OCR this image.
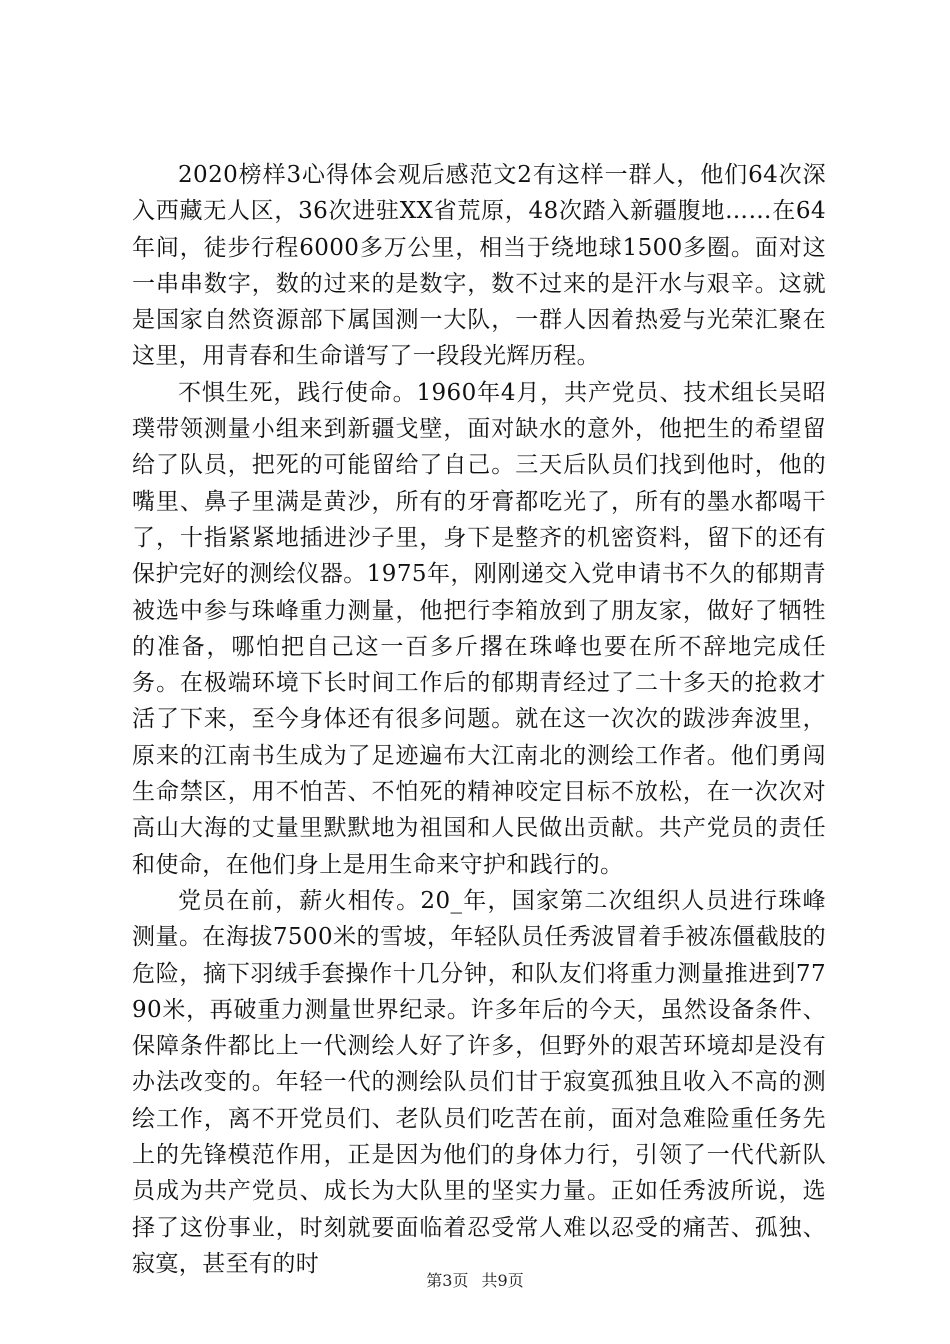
2020榜样3心得体会观后感范文2有这样一群人，他们64次深入西藏无人区，36次进驻XX省荒原，48次踏入新疆腹地……在64年间，徒步行程6000多万公里，相当于绕地球1500多圈。面对这一串串数字，数的过来的是数字，数不过来的是汗水与艰辛。这就是国家自然资源部下属国测一大队，一群人因着热爱与光荣汇聚在这里，用青春和生命谱写了一段段光辉历程。

不惧生死，践行使命。1960年4月，共产党员、技术组长吴昭璞带领测量小组来到新疆戈壁，面对缺水的意外，他把生的希望留给了队员，把死的可能留给了自己。三天后队员们找到他时，他的嘴里、鼻子里满是黄沙，所有的牙膏都吃光了，所有的墨水都喝干了，十指紧紧地插进沙子里，身下是整齐的机密资料，留下的还有保护完好的测绘仪器。1975年，刚刚递交入党申请书不久的郁期青被选中参与珠峰重力测量，他把行李箱放到了朋友家，做好了牺牲的准备，哪怕把自己这一百多斤撂在珠峰也要在所不辞地完成任务。在极端环境下长时间工作后的郁期青经过了二十多天的抢救才活了下来，至今身体还有很多问题。就在这一次次的跋涉奔波里，原来的江南书生成为了足迹遍布大江南北的测绘工作者。他们勇闯生命禁区，用不怕苦、不怕死的精神咬定目标不放松，在一次次对高山大海的丈量里默默地为祖国和人民做出贡献。共产党员的责任和使命，在他们身上是用生命来守护和践行的。

党员在前，薪火相传。20_年，国家第二次组织人员进行珠峰测量。在海拔7500米的雪坡，年轻队员任秀波冒着手被冻僵截肢的危险，摘下羽绒手套操作十几分钟，和队友们将重力测量推进到7790米，再破重力测量世界纪录。许多年后的今天，虽然设备条件、保障条件都比上一代测绘人好了许多，但野外的艰苦环境却是没有办法改变的。年轻一代的测绘队员们甘于寂寞孤独且收入不高的测绘工作，离不开党员们、老队员们吃苦在前，面对急难险重任务先上的先锋模范作用，正是因为他们的身体力行，引领了一代代新队员成为共产党员、成长为大队里的坚实力量。正如任秀波所说，选择了这份事业，时刻就要面临着忍受常人难以忍受的痛苦、孤独、寂寞，甚至有的时

第3页 共9页
